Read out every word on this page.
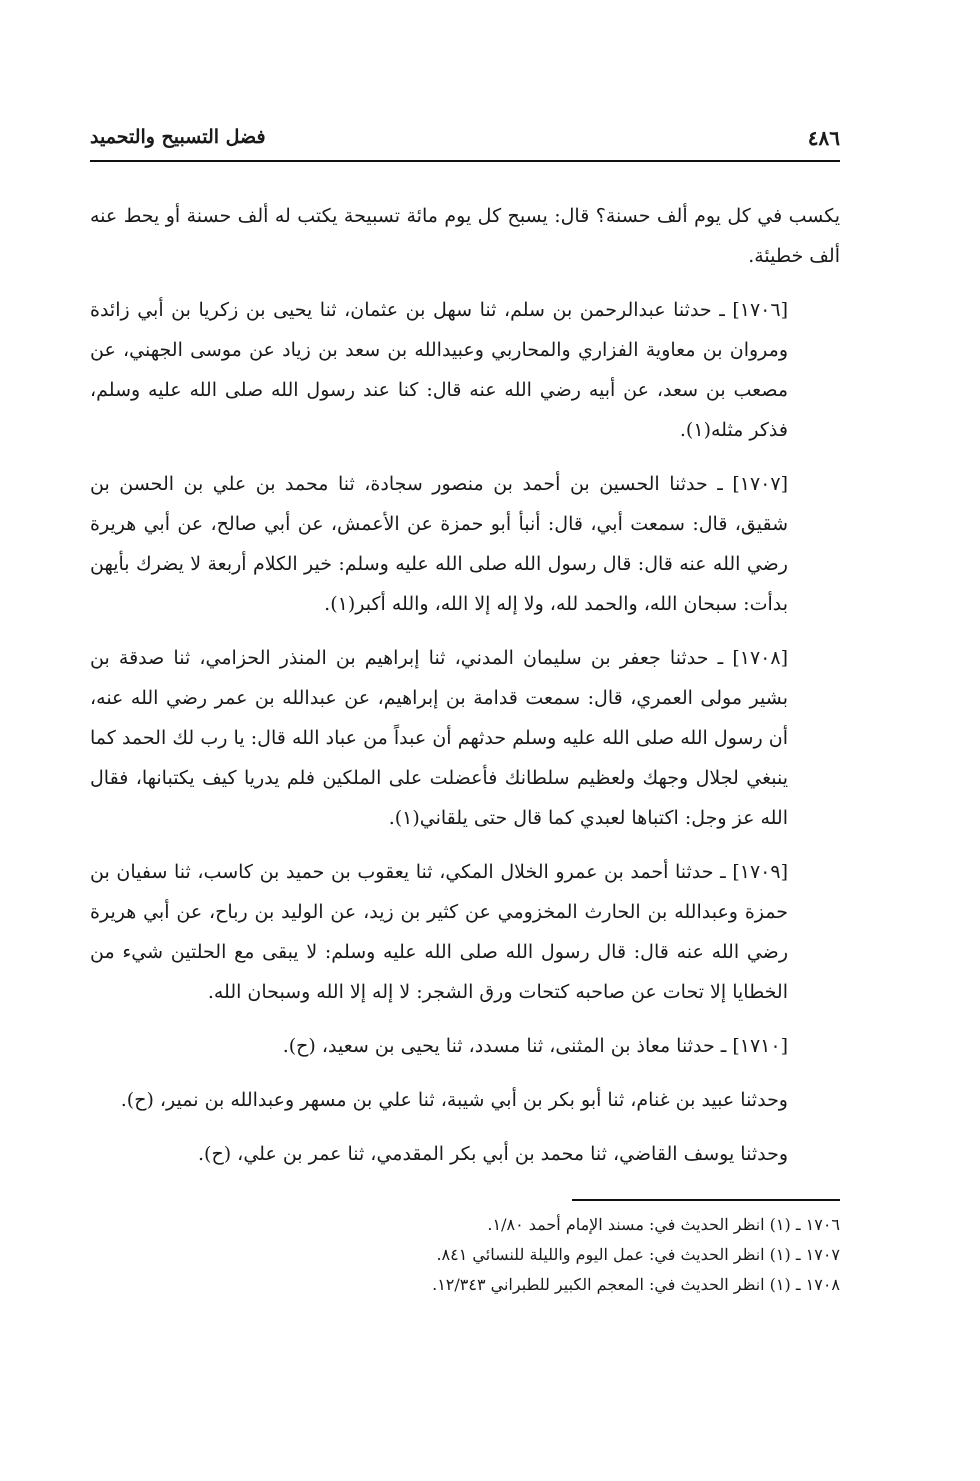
٤٨٦
فضل التسبيح والتحميد

يكسب في كل يوم ألف حسنة؟ قال: يسبح كل يوم مائة تسبيحة يكتب له ألف حسنة أو يحط عنه ألف خطيئة.

[١٧٠٦] ـ حدثنا عبدالرحمن بن سلم، ثنا سهل بن عثمان، ثنا يحيى بن زكريا بن أبي زائدة ومروان بن معاوية الفزاري والمحاربي وعبيدالله بن سعد بن زياد عن موسى الجهني، عن مصعب بن سعد، عن أبيه رضي الله عنه قال: كنا عند رسول الله صلى الله عليه وسلم، فذكر مثله(١).

[١٧٠٧] ـ حدثنا الحسين بن أحمد بن منصور سجادة، ثنا محمد بن علي بن الحسن بن شقيق، قال: سمعت أبي، قال: أنبأ أبو حمزة عن الأعمش، عن أبي صالح، عن أبي هريرة رضي الله عنه قال: قال رسول الله صلى الله عليه وسلم: خير الكلام أربعة لا يضرك بأيهن بدأت: سبحان الله، والحمد لله، ولا إله إلا الله، والله أكبر(١).

[١٧٠٨] ـ حدثنا جعفر بن سليمان المدني، ثنا إبراهيم بن المنذر الحزامي، ثنا صدقة بن بشير مولى العمري، قال: سمعت قدامة بن إبراهيم، عن عبدالله بن عمر رضي الله عنه، أن رسول الله صلى الله عليه وسلم حدثهم أن عبداً من عباد الله قال: يا رب لك الحمد كما ينبغي لجلال وجهك ولعظيم سلطانك فأعضلت على الملكين فلم يدريا كيف يكتبانها، فقال الله عز وجل: اكتباها لعبدي كما قال حتى يلقاني(١).

[١٧٠٩] ـ حدثنا أحمد بن عمرو الخلال المكي، ثنا يعقوب بن حميد بن كاسب، ثنا سفيان بن حمزة وعبدالله بن الحارث المخزومي عن كثير بن زيد، عن الوليد بن رباح، عن أبي هريرة رضي الله عنه قال: قال رسول الله صلى الله عليه وسلم: لا يبقى مع الحلتين شيء من الخطايا إلا تحات عن صاحبه كتحات ورق الشجر: لا إله إلا الله وسبحان الله.

[١٧١٠] ـ حدثنا معاذ بن المثنى، ثنا مسدد، ثنا يحيى بن سعيد، (ح).

وحدثنا عبيد بن غنام، ثنا أبو بكر بن أبي شيبة، ثنا علي بن مسهر وعبدالله بن نمير، (ح).

وحدثنا يوسف القاضي، ثنا محمد بن أبي بكر المقدمي، ثنا عمر بن علي، (ح).

١٧٠٦ ـ (١) انظر الحديث في: مسند الإمام أحمد ١/٨٠.
١٧٠٧ ـ (١) انظر الحديث في: عمل اليوم والليلة للنسائي ٨٤١.
١٧٠٨ ـ (١) انظر الحديث في: المعجم الكبير للطبراني ١٢/٣٤٣.
